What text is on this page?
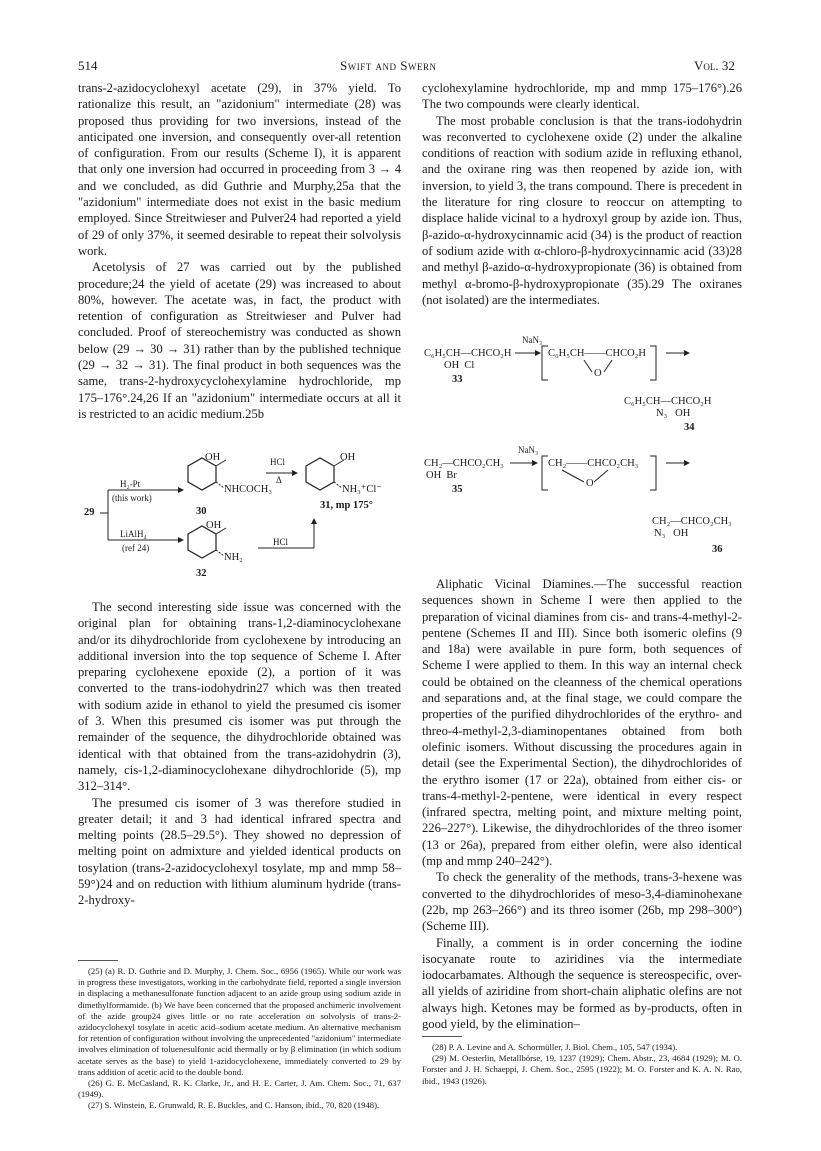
514	Swift and Swern	Vol. 32

trans-2-azidocyclohexyl acetate (29), in 37% yield. To rationalize this result, an "azidonium" intermediate (28) was proposed thus providing for two inversions, instead of the anticipated one inversion, and consequently over-all retention of configuration. From our results (Scheme I), it is apparent that only one inversion had occurred in proceeding from 3 → 4 and we concluded, as did Guthrie and Murphy,25a that the "azidonium" intermediate does not exist in the basic medium employed. Since Streitwieser and Pulver24 had reported a yield of 29 of only 37%, it seemed desirable to repeat their solvolysis work.

Acetolysis of 27 was carried out by the published procedure;24 the yield of acetate (29) was increased to about 80%, however. The acetate was, in fact, the product with retention of configuration as Streitwieser and Pulver had concluded. Proof of stereochemistry was conducted as shown below (29 → 30 → 31) rather than by the published technique (29 → 32 → 31). The final product in both sequences was the same, trans-2-hydroxycyclohexylamine hydrochloride, mp 175–176°.24,26 If an "azidonium" intermediate occurs at all it is restricted to an acidic medium.25b

OH
NHCOCH₃
HCl
Δ
OH
NH₃⁺Cl⁻
H₂-Pt
(this work)
29	30
31, mp 175°
LiAlH₄
(ref 24)
OH
NH₂
HCl
32

The second interesting side issue was concerned with the original plan for obtaining trans-1,2-diaminocyclohexane and/or its dihydrochloride from cyclohexene by introducing an additional inversion into the top sequence of Scheme I. After preparing cyclohexene epoxide (2), a portion of it was converted to the trans-iodohydrin27 which was then treated with sodium azide in ethanol to yield the presumed cis isomer of 3. When this presumed cis isomer was put through the remainder of the sequence, the dihydrochloride obtained was identical with that obtained from the trans-azidohydrin (3), namely, cis-1,2-diaminocyclohexane dihydrochloride (5), mp 312–314°.

The presumed cis isomer of 3 was therefore studied in greater detail; it and 3 had identical infrared spectra and melting points (28.5–29.5°). They showed no depression of melting point on admixture and yielded identical products on tosylation (trans-2-azidocyclohexyl tosylate, mp and mmp 58–59°)24 and on reduction with lithium aluminum hydride (trans-2-hydroxy-

cyclohexylamine hydrochloride, mp and mmp 175–176°).26 The two compounds were clearly identical.

The most probable conclusion is that the trans-iodohydrin was reconverted to cyclohexene oxide (2) under the alkaline conditions of reaction with sodium azide in refluxing ethanol, and the oxirane ring was then reopened by azide ion, with inversion, to yield 3, the trans compound. There is precedent in the literature for ring closure to reoccur on attempting to displace halide vicinal to a hydroxyl group by azide ion. Thus, β-azido-α-hydroxycinnamic acid (34) is the product of reaction of sodium azide with α-chloro-β-hydroxycinnamic acid (33)28 and methyl β-azido-α-hydroxypropionate (36) is obtained from methyl α-bromo-β-hydroxypropionate (35).29 The oxiranes (not isolated) are the intermediates.

NaN₃
C₆H₅CH—CHCO₂H
OH  Cl
33
C₆H₅CH——CHCO₂H
O
C₆H₅CH—CHCO₂H
N₃   OH
34
NaN₃
CH₂—CHCO₂CH₃
OH  Br
35
CH₂——CHCO₂CH₃
O
CH₂—CHCO₂CH₃
N₃   OH
36

Aliphatic Vicinal Diamines.—The successful reaction sequences shown in Scheme I were then applied to the preparation of vicinal diamines from cis- and trans-4-methyl-2-pentene (Schemes II and III). Since both isomeric olefins (9 and 18a) were available in pure form, both sequences of Scheme I were applied to them. In this way an internal check could be obtained on the cleanness of the chemical operations and separations and, at the final stage, we could compare the properties of the purified dihydrochlorides of the erythro- and threo-4-methyl-2,3-diaminopentanes obtained from both olefinic isomers. Without discussing the procedures again in detail (see the Experimental Section), the dihydrochlorides of the erythro isomer (17 or 22a), obtained from either cis- or trans-4-methyl-2-pentene, were identical in every respect (infrared spectra, melting point, and mixture melting point, 226–227°). Likewise, the dihydrochlorides of the threo isomer (13 or 26a), prepared from either olefin, were also identical (mp and mmp 240–242°).

To check the generality of the methods, trans-3-hexene was converted to the dihydrochlorides of meso-3,4-diaminohexane (22b, mp 263–266°) and its threo isomer (26b, mp 298–300°) (Scheme III).

Finally, a comment is in order concerning the iodine isocyanate route to aziridines via the intermediate iodocarbamates. Although the sequence is stereospecific, over-all yields of aziridine from short-chain aliphatic olefins are not always high. Ketones may be formed as by-products, often in good yield, by the elimination–

(25) (a) R. D. Guthrie and D. Murphy, J. Chem. Soc., 6956 (1965). While our work was in progress these investigators, working in the carbohydrate field, reported a single inversion in displacing a methanesulfonate function adjacent to an azide group using sodium azide in dimethylformamide. (b) We have been concerned that the proposed anchimeric involvement of the azide group24 gives little or no rate acceleration on solvolysis of trans-2-azidocyclohexyl tosylate in acetic acid–sodium acetate medium. An alternative mechanism for retention of configuration without involving the unprecedented "azidonium" intermediate involves elimination of toluenesulfonic acid thermally or by β elimination (in which sodium acetate serves as the base) to yield 1-azidocyclohexene, immediately converted to 29 by trans addition of acetic acid to the double bond.

(26) G. E. McCasland, R. K. Clarke, Jr., and H. E. Carter, J. Am. Chem. Soc., 71, 637 (1949).

(27) S. Winstein, E. Grunwald, R. E. Buckles, and C. Hanson, ibid., 70, 820 (1948).

(28) P. A. Levine and A. Schormüller, J. Biol. Chem., 105, 547 (1934).

(29) M. Oesterlin, Metallbörse, 19, 1237 (1929); Chem. Abstr., 23, 4684 (1929); M. O. Forster and J. H. Schaeppi, J. Chem. Soc., 2595 (1922); M. O. Forster and K. A. N. Rao, ibid., 1943 (1926).
